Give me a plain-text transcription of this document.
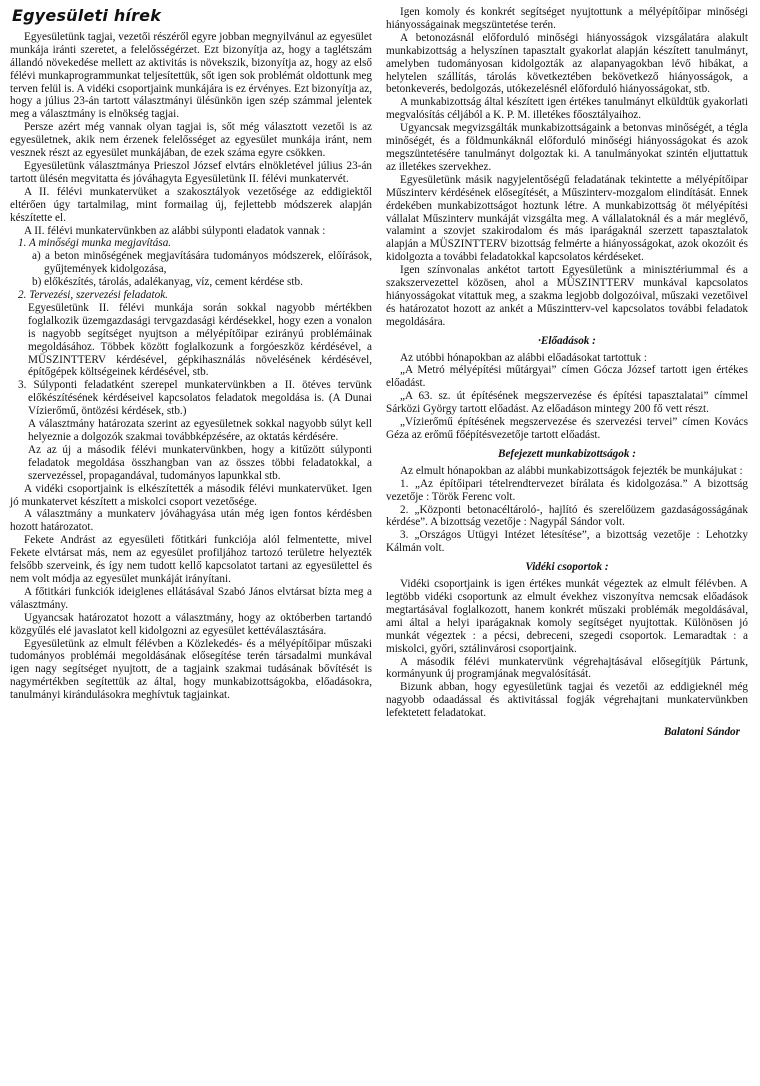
Egyesületi hírek

Egyesületünk tagjai, vezetői részéről egyre jobban megnyilvánul az egyesület munkája iránti szeretet, a felelősségérzet. Ezt bizonyítja az, hogy a taglétszám állandó növekedése mellett az aktivitás is növekszik, bizonyítja az, hogy az első félévi munkaprogrammunkat teljesítettük, sőt igen sok problémát oldottunk meg terven felül is. A vidéki csoportjaink munkájára is ez érvényes. Ezt bizonyítja az, hogy a július 23-án tartott választmányi ülésünkön igen szép számmal jelentek meg a választmány is elnökség tagjai.

Persze azért még vannak olyan tagjai is, sőt még választott vezetői is az egyesületnek, akik nem érzenek felelősséget az egyesület munkája iránt, nem vesznek részt az egyesület munkájában, de ezek száma egyre csökken.

Egyesületünk választmánya Prieszol József elvtárs elnökletével július 23-án tartott ülésén megvitatta és jóváhagyta Egyesületünk II. félévi munkatervét.

A II. félévi munkatervüket a szakosztályok vezetősége az eddigiektől eltérően úgy tartalmilag, mint formailag új, fejlettebb módszerek alapján készítette el.

A II. félévi munkatervünkben az alábbi súlyponti eladatok vannak :

1. A minőségi munka megjavítása.

a) a beton minőségének megjavítására tudományos módszerek, előírások, gyűjtemények kidolgozása,

b) előkészítés, tárolás, adalékanyag, víz, cement kérdése stb.

2. Tervezési, szervezési feladatok.

Egyesületünk II. félévi munkája során sokkal nagyobb mértékben foglalkozik üzemgazdasági tervgazdasági kérdésekkel, hogy ezen a vonalon is nagyobb segítséget nyujtson a mélyépítőipar ezirányú problémáinak megoldásához. Többek között foglalkozunk a forgóeszköz kérdésével, a MÜSZINTTERV kérdésével, gépkihasználás növelésének kérdésével, építőgépek költségeinek kérdésével, stb.

3. Súlyponti feladatként szerepel munkatervünkben a II. ötéves tervünk előkészítésének kérdéseivel kapcsolatos feladatok megoldása is. (A Dunai Vízierőmű, öntözési kérdések, stb.)

A választmány határozata szerint az egyesületnek sokkal nagyobb súlyt kell helyeznie a dolgozók szakmai továbbképzésére, az oktatás kérdésére.

Az az új a második félévi munkatervünkben, hogy a kitűzött súlyponti feladatok megoldása összhangban van az összes többi feladatokkal, a szervezéssel, propagandával, tudományos lapunkkal stb.

A vidéki csoportjaink is elkészítették a második félévi munkatervüket. Igen jó munkatervet készített a miskolci csoport vezetősége.

A választmány a munkaterv jóváhagyása után még igen fontos kérdésben hozott határozatot.

Fekete Andrást az egyesületi főtitkári funkciója alól felmentette, mivel Fekete elvtársat más, nem az egyesület profiljához tartozó területre helyezték felsőbb szerveink, és így nem tudott kellő kapcsolatot tartani az egyesülettel és nem volt módja az egyesület munkáját irányítani.

A főtitkári funkciók ideiglenes ellátásával Szabó János elvtársat bízta meg a választmány.

Ugyancsak határozatot hozott a választmány, hogy az októberben tartandó közgyűlés elé javaslatot kell kidolgozni az egyesület kettéválasztására.

Egyesületünk az elmult félévben a Közlekedés- és a mélyépítőipar műszaki tudományos problémái megoldásának elősegítése terén társadalmi munkával igen nagy segítséget nyujtott, de a tagjaink szakmai tudásának bővítését is nagymértékben segítettük az által, hogy munkabizottságokba, előadásokra, tanulmányi kirándulásokra meghívtuk tagjainkat.

Igen komoly és konkrét segítséget nyujtottunk a mélyépítőipar minőségi hiányosságainak megszüntetése terén.

A betonozásnál előforduló minőségi hiányosságok vizsgálatára alakult munkabizottság a helyszínen tapasztalt gyakorlat alapján készített tanulmányt, amelyben tudományosan kidolgozták az alapanyagokban lévő hibákat, a helytelen szállítás, tárolás következtében bekövetkező hiányosságok, a betonkeverés, bedolgozás, utókezelésnél előforduló hiányosságokat, stb.

A munkabizottság által készített igen értékes tanulmányt elküldtük gyakorlati megvalósítás céljából a K. P. M. illetékes főosztályaihoz.

Ugyancsak megvizsgálták munkabizottságaink a betonvas minőségét, a tégla minőségét, és a földmunkáknál előforduló minőségi hiányosságokat és azok megszüntetésére tanulmányt dolgoztak ki. A tanulmányokat szintén eljuttattuk az illetékes szervekhez.

Egyesületünk másik nagyjelentőségű feladatának tekintette a mélyépítőipar Műszinterv kérdésének elősegítését, a Műszinterv-mozgalom elindítását. Ennek érdekében munkabizottságot hoztunk létre. A munkabizottság öt mélyépítési vállalat Műszinterv munkáját vizsgálta meg. A vállalatoknál és a már meglévő, valamint a szovjet szakirodalom és más iparágaknál szerzett tapasztalatok alapján a MÜSZINTTERV bizottság felmérte a hiányosságokat, azok okozóit és kidolgozta a további feladatokkal kapcsolatos kérdéseket.

Igen színvonalas ankétot tartott Egyesületünk a minisztériummal és a szakszervezettel közösen, ahol a MÜSZINTTERV munkával kapcsolatos hiányosságokat vitattuk meg, a szakma legjobb dolgozóival, műszaki vezetőivel és határozatot hozott az ankét a Műszintterv-vel kapcsolatos további feladatok megoldására.

·Előadások :

Az utóbbi hónapokban az alábbi előadásokat tartottuk :

„A Metró mélyépítési műtárgyai” címen Gócza József tartott igen értékes előadást.

„A 63. sz. út építésének megszervezése és építési tapasztalatai” címmel Sárközi György tartott előadást. Az előadáson mintegy 200 fő vett részt.

„Vízierőmű építésének megszervezése és szervezési tervei” címen Kovács Géza az erőmű főépítésvezetője tartott előadást.

Befejezett munkabizottságok :

Az elmult hónapokban az alábbi munkabizottságok fejezték be munkájukat :

1. „Az építőipari tételrendtervezet bírálata és kidolgozása.” A bizottság vezetője : Török Ferenc volt.

2. „Központi betonacéltároló-, hajlító és szerelőüzem gazdaságosságának kérdése”. A bizottság vezetője : Nagypál Sándor volt.

3. „Országos Utügyi Intézet létesítése”, a bizottság vezetője : Lehotzky Kálmán volt.

Vidéki csoportok :

Vidéki csoportjaink is igen értékes munkát végeztek az elmult félévben. A legtöbb vidéki csoportunk az elmult évekhez viszonyítva nemcsak előadások megtartásával foglalkozott, hanem konkrét műszaki problémák megoldásával, ami által a helyi iparágaknak komoly segítséget nyujtottak. Különösen jó munkát végeztek : a pécsi, debreceni, szegedi csoportok. Lemaradtak : a miskolci, győri, sztálinvárosi csoportjaink.

A második félévi munkatervünk végrehajtásával elősegítjük Pártunk, kormányunk új programjának megvalósítását.

Bizunk abban, hogy egyesületünk tagjai és vezetői az eddigieknél még nagyobb odaadással és aktivitással fogják végrehajtani munkatervünkben lefektetett feladatokat.

Balatoni Sándor
